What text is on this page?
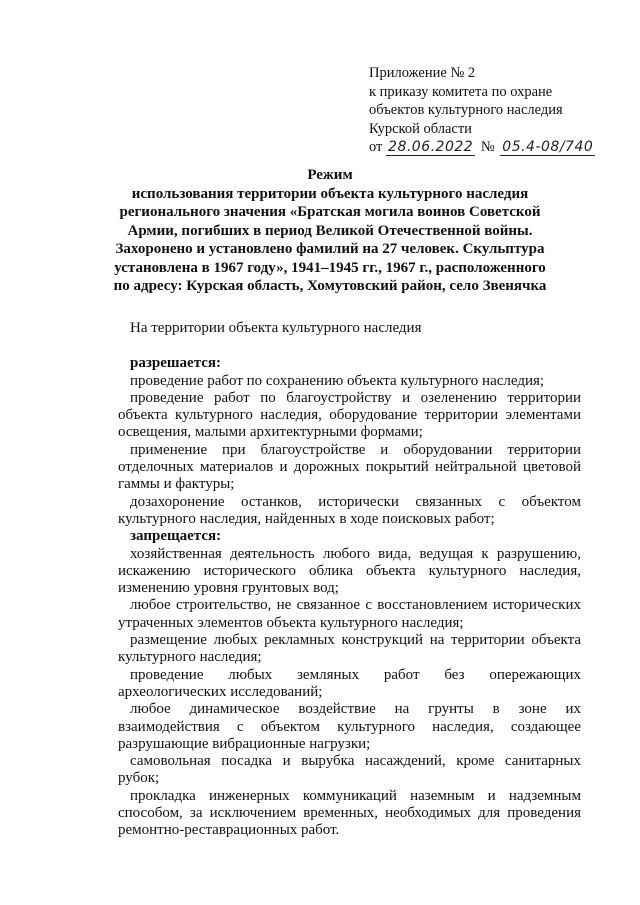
Приложение № 2
к приказу комитета по охране
объектов культурного наследия
Курской области
от 28.06.2022 № 05.4-08/740
Режим
использования территории объекта культурного наследия
регионального значения «Братская могила воинов Советской
Армии, погибших в период Великой Отечественной войны.
Захоронено и установлено фамилий на 27 человек. Скульптура
установлена в 1967 году», 1941–1945 гг., 1967 г., расположенного
по адресу: Курская область, Хомутовский район, село Звенячка

На территории объекта культурного наследия

разрешается:

проведение работ по сохранению объекта культурного наследия;
проведение работ по благоустройству и озеленению территории
объекта культурного наследия, оборудование территории элементами
освещения, малыми архитектурными формами;
применение при благоустройстве и оборудовании территории
отделочных материалов и дорожных покрытий нейтральной цветовой
гаммы и фактуры;
дозахоронение останков, исторически связанных с объектом
культурного наследия, найденных в ходе поисковых работ;

запрещается:

хозяйственная деятельность любого вида, ведущая к разрушению,
искажению исторического облика объекта культурного наследия,
изменению уровня грунтовых вод;
любое строительство, не связанное с восстановлением исторических
утраченных элементов объекта культурного наследия;
размещение любых рекламных конструкций на территории объекта
культурного наследия;
проведение любых земляных работ без опережающих
археологических исследований;
любое динамическое воздействие на грунты в зоне их
взаимодействия с объектом культурного наследия, создающее
разрушающие вибрационные нагрузки;
самовольная посадка и вырубка насаждений, кроме санитарных
рубок;
прокладка инженерных коммуникаций наземным и надземным
способом, за исключением временных, необходимых для проведения
ремонтно-реставрационных работ.
